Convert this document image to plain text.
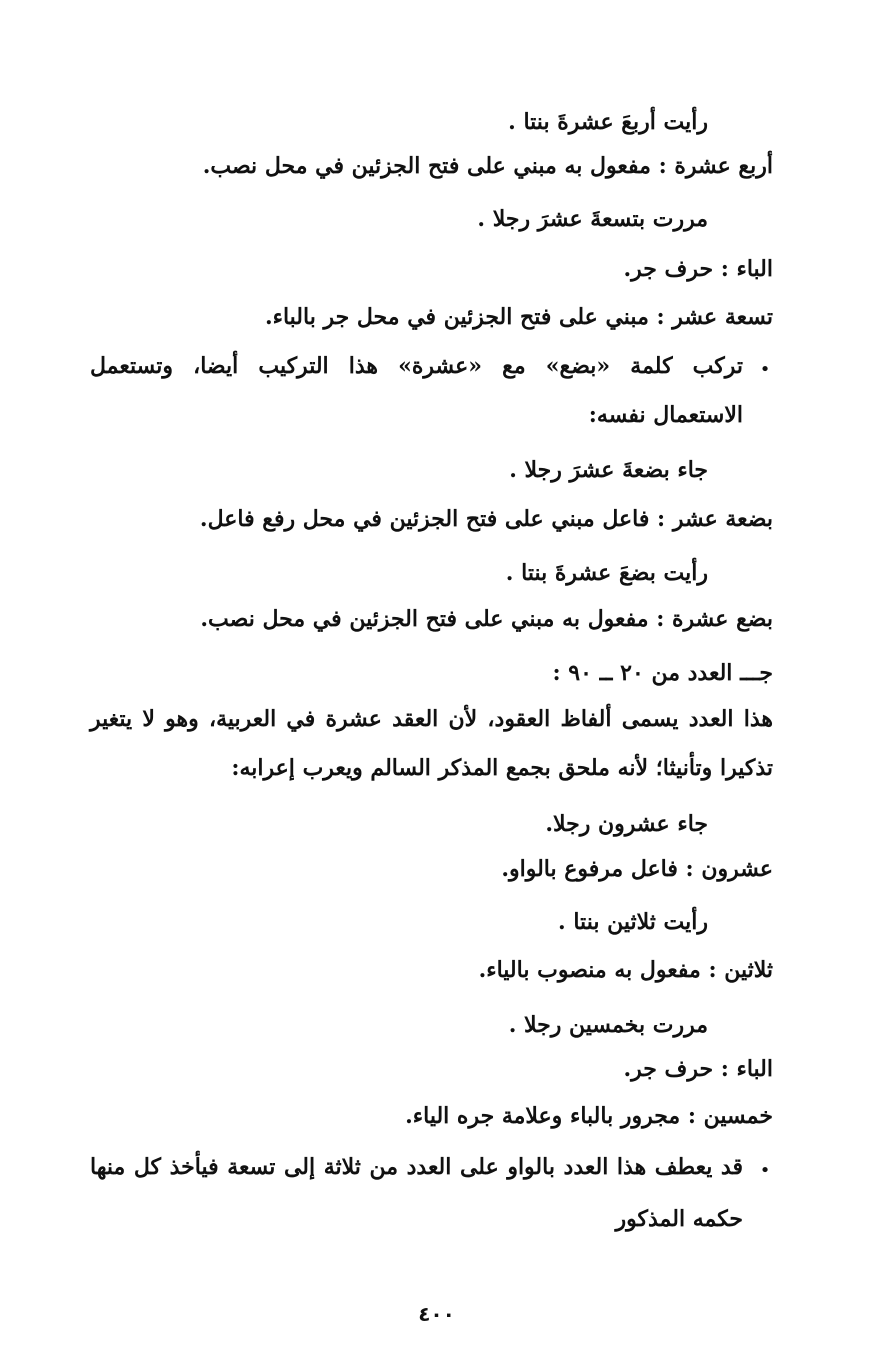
رأيت أربعَ عشرةَ بنتا .
أربع عشرة : مفعول به مبني على فتح الجزئين في محل نصب.
مررت بتسعةَ عشرَ رجلا .
الباء : حرف جر.
تسعة عشر : مبني على فتح الجزئين في محل جر بالباء.
•
تركب كلمة «بضع» مع «عشرة» هذا التركيب أيضا، وتستعمل
الاستعمال نفسه:
جاء بضعةَ عشرَ رجلا .
بضعة عشر : فاعل مبني على فتح الجزئين في محل رفع فاعل.
رأيت بضعَ عشرةَ بنتا .
بضع عشرة : مفعول به مبني على فتح الجزئين في محل نصب.
جـــ العدد من ٢٠ ــ ٩٠ :
هذا العدد يسمى ألفاظ العقود، لأن العقد عشرة في العربية، وهو لا يتغير
تذكيرا وتأنيثا؛ لأنه ملحق بجمع المذكر السالم ويعرب إعرابه:
جاء عشرون رجلا.
عشرون : فاعل مرفوع بالواو.
رأيت ثلاثين بنتا .
ثلاثين : مفعول به منصوب بالياء.
مررت بخمسين رجلا .
الباء : حرف جر.
خمسين : مجرور بالباء وعلامة جره الياء.
•
قد يعطف هذا العدد بالواو على العدد من ثلاثة إلى تسعة فيأخذ كل منها
حكمه المذكور
٤٠٠
